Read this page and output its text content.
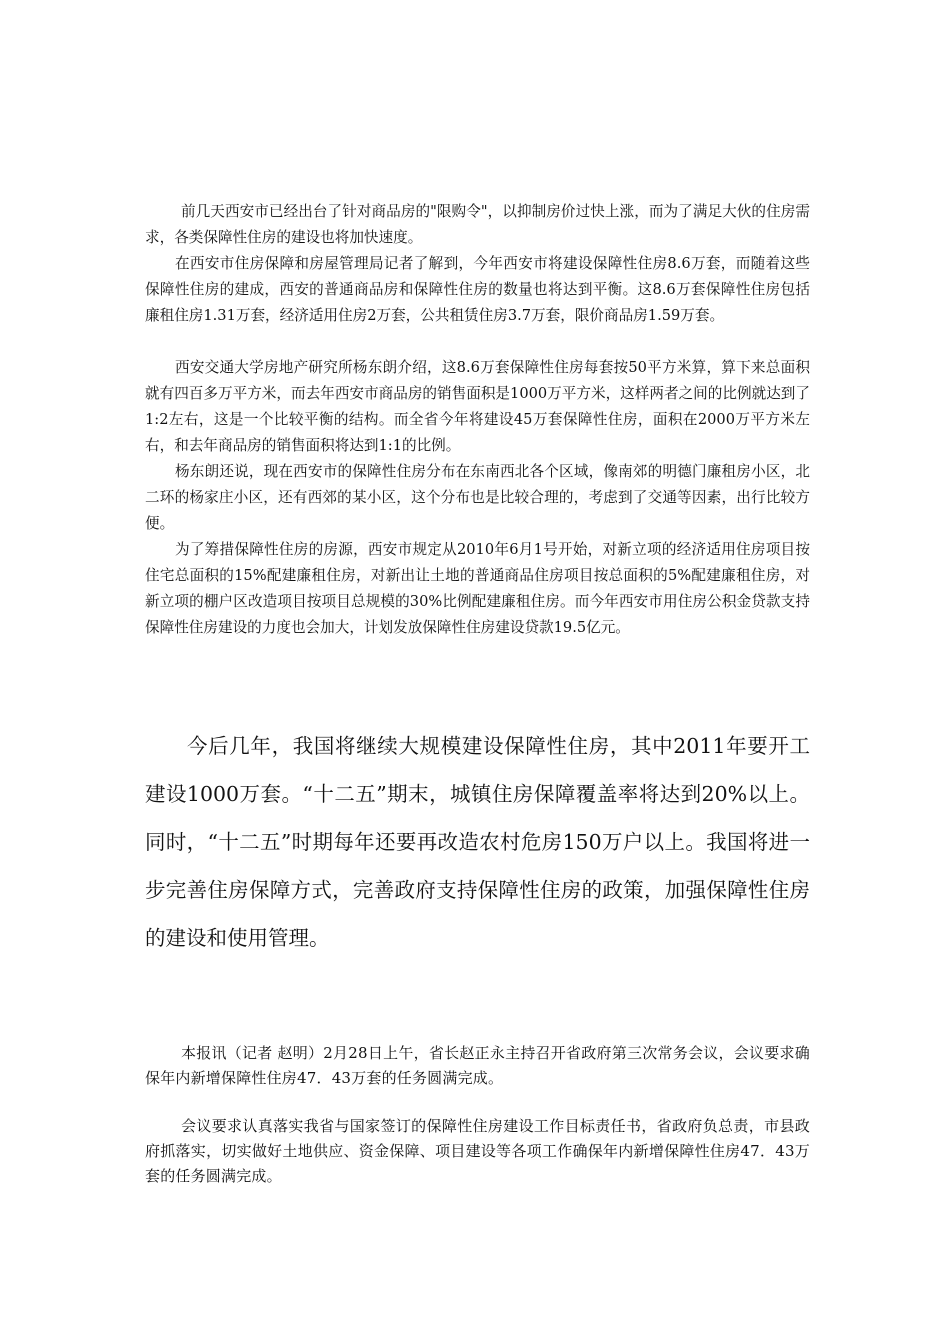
前几天西安市已经出台了针对商品房的"限购令"，以抑制房价过快上涨，而为了满足大伙的住房需求，各类保障性住房的建设也将加快速度。

在西安市住房保障和房屋管理局记者了解到，今年西安市将建设保障性住房8.6万套，而随着这些保障性住房的建成，西安的普通商品房和保障性住房的数量也将达到平衡。这8.6万套保障性住房包括廉租住房1.31万套，经济适用住房2万套，公共租赁住房3.7万套，限价商品房1.59万套。

西安交通大学房地产研究所杨东朗介绍，这8.6万套保障性住房每套按50平方米算，算下来总面积就有四百多万平方米，而去年西安市商品房的销售面积是1000万平方米，这样两者之间的比例就达到了1:2左右，这是一个比较平衡的结构。而全省今年将建设45万套保障性住房，面积在2000万平方米左右，和去年商品房的销售面积将达到1:1的比例。

杨东朗还说，现在西安市的保障性住房分布在东南西北各个区域，像南郊的明德门廉租房小区，北二环的杨家庄小区，还有西郊的某小区，这个分布也是比较合理的，考虑到了交通等因素，出行比较方便。

为了筹措保障性住房的房源，西安市规定从2010年6月1号开始，对新立项的经济适用住房项目按住宅总面积的15%配建廉租住房，对新出让土地的普通商品住房项目按总面积的5%配建廉租住房，对新立项的棚户区改造项目按项目总规模的30%比例配建廉租住房。而今年西安市用住房公积金贷款支持保障性住房建设的力度也会加大，计划发放保障性住房建设贷款19.5亿元。

今后几年，我国将继续大规模建设保障性住房，其中2011年要开工建设1000万套。“十二五”期末，城镇住房保障覆盖率将达到20%以上。同时，“十二五”时期每年还要再改造农村危房150万户以上。我国将进一步完善住房保障方式，完善政府支持保障性住房的政策，加强保障性住房的建设和使用管理。

本报讯（记者 赵明）2月28日上午，省长赵正永主持召开省政府第三次常务会议，会议要求确保年内新增保障性住房47．43万套的任务圆满完成。

会议要求认真落实我省与国家签订的保障性住房建设工作目标责任书，省政府负总责，市县政府抓落实，切实做好土地供应、资金保障、项目建设等各项工作确保年内新增保障性住房47．43万套的任务圆满完成。
